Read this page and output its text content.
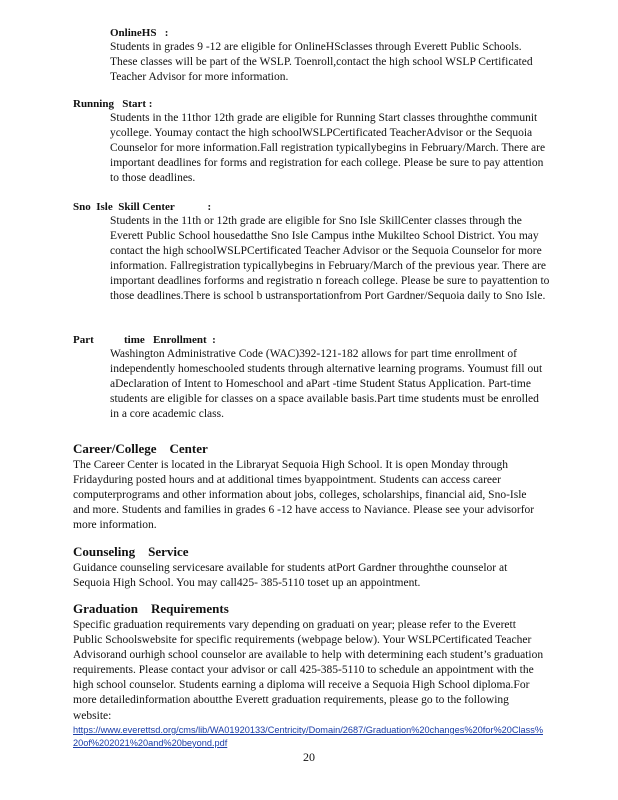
OnlineHS   :
Students in grades 9 -12 are eligible for OnlineHSclasses through Everett Public Schools. These classes will be part of the WSLP. Toenroll,contact the high school WSLP Certificated Teacher Advisor for more information.
Running   Start :
Students in the 11thor 12th grade are eligible for Running Start classes throughthe communit ycollege. Youmay contact the high schoolWSLPCertificated TeacherAdvisor or the Sequoia Counselor for more information.Fall registration typicallybegins in February/March. There are important deadlines for forms and registration for each college. Please be sure to pay attention to those deadlines.
Sno  Isle  Skill Center            :
Students in the 11th or 12th grade are eligible for Sno Isle SkillCenter classes through the Everett Public School housedatthe Sno Isle Campus inthe Mukilteo School District. You may contact the high schoolWSLPCertificated Teacher Advisor or the Sequoia Counselor for more information. Fallregistration typicallybegins in February/March of the previous year. There are important deadlines forforms and registratio n foreach college. Please be sure to payattention to those deadlines.There is school b ustransportationfrom Port Gardner/Sequoia daily to Sno Isle.
Part           time   Enrollment  :
Washington Administrative Code (WAC)392-121-182 allows for part time enrollment of independently homeschooled students through alternative learning programs. Youmust fill out aDeclaration of Intent to Homeschool and aPart -time Student Status Application. Part-time students are eligible for classes on a space available basis.Part time students must be enrolled in a core academic class.
Career/College    Center
The Career Center is located in the Libraryat Sequoia High School. It is open Monday through Fridayduring posted hours and at additional times byappointment. Students can access career computerprograms and other information about jobs, colleges, scholarships, financial aid, Sno-Isle and more. Students and families in grades 6 -12 have access to Naviance. Please see your advisorfor more information.
Counseling    Service
Guidance counseling servicesare available for students atPort Gardner throughthe counselor at Sequoia High School. You may call425- 385-5110 toset up an appointment.
Graduation    Requirements
Specific graduation requirements vary depending on graduati on year; please refer to the Everett Public Schoolswebsite for specific requirements (webpage below). Your WSLPCertificated Teacher Advisorand ourhigh school counselor are available to help with determining each student’s graduation requirements. Please contact your advisor or call 425-385-5110 to schedule an appointment with the high school counselor. Students earning a diploma will receive a Sequoia High School diploma.For more detailedinformation aboutthe Everett graduation requirements, please go to the following website:
https://www.everettsd.org/cms/lib/WA01920133/Centricity/Domain/2687/Graduation%20changes%20for%20Class%20of%202021%20and%20beyond.pdf
20
